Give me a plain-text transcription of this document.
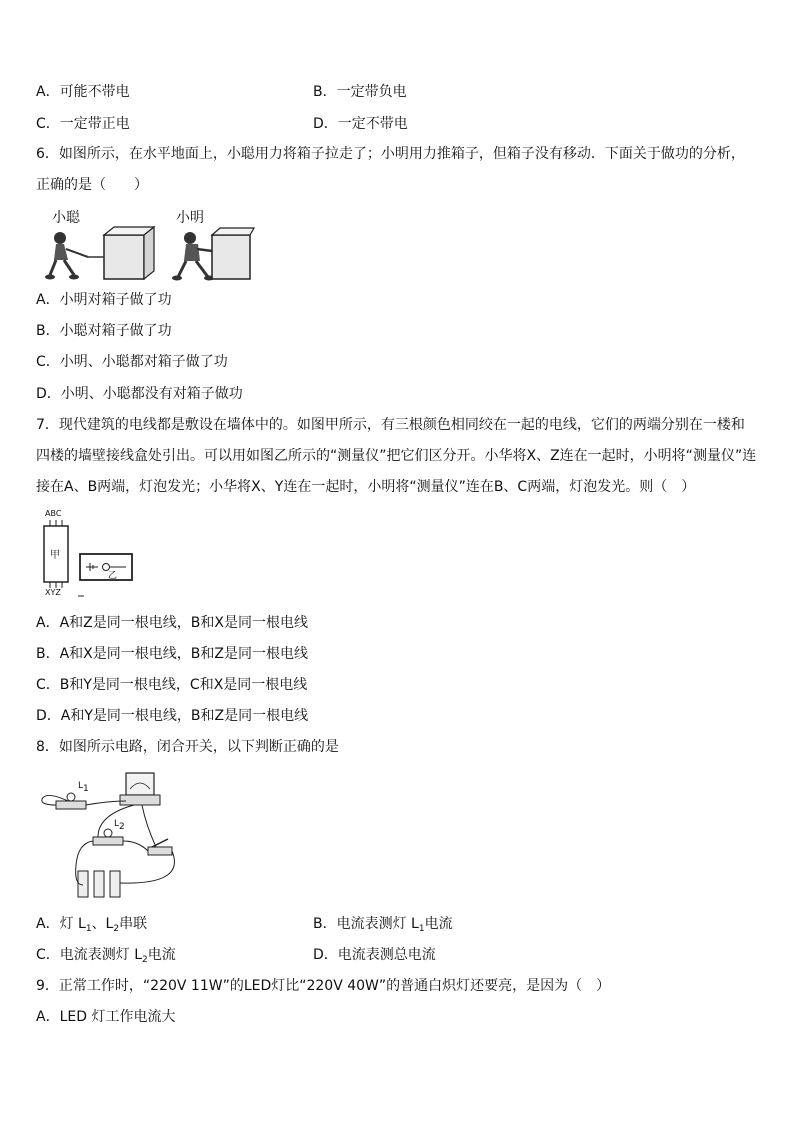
A．可能不带电	B．一定带负电
C．一定带正电	D．一定不带电
6．如图所示，在水平地面上，小聪用力将箱子拉走了；小明用力推箱子，但箱子没有移动．下面关于做功的分析，正确的是（　　）
小聪	小明
A．小明对箱子做了功
B．小聪对箱子做了功
C．小明、小聪都对箱子做了功
D．小明、小聪都没有对箱子做功
7．现代建筑的电线都是敷设在墙体中的。如图甲所示，有三根颜色相同绞在一起的电线，它们的两端分别在一楼和四楼的墙壁接线盒处引出。可以用如图乙所示的“测量仪”把它们区分开。小华将X、Z连在一起时，小明将“测量仪”连接在A、B两端，灯泡发光；小华将X、Y连在一起时，小明将“测量仪”连在B、C两端，灯泡发光。则（　）
ABC
甲
XYZ
乙
A．A和Z是同一根电线，B和X是同一根电线
B．A和X是同一根电线，B和Z是同一根电线
C．B和Y是同一根电线，C和X是同一根电线
D．A和Y是同一根电线，B和Z是同一根电线
8．如图所示电路，闭合开关，以下判断正确的是
$L_1$
$L_2$
A．灯 $L_1$、$L_2$串联	B．电流表测灯 $L_1$电流
C．电流表测灯 $L_2$电流	D．电流表测总电流
9．正常工作时，“220V 11W”的LED灯比“220V 40W”的普通白炽灯还要亮，是因为（　）
A．LED 灯工作电流大
